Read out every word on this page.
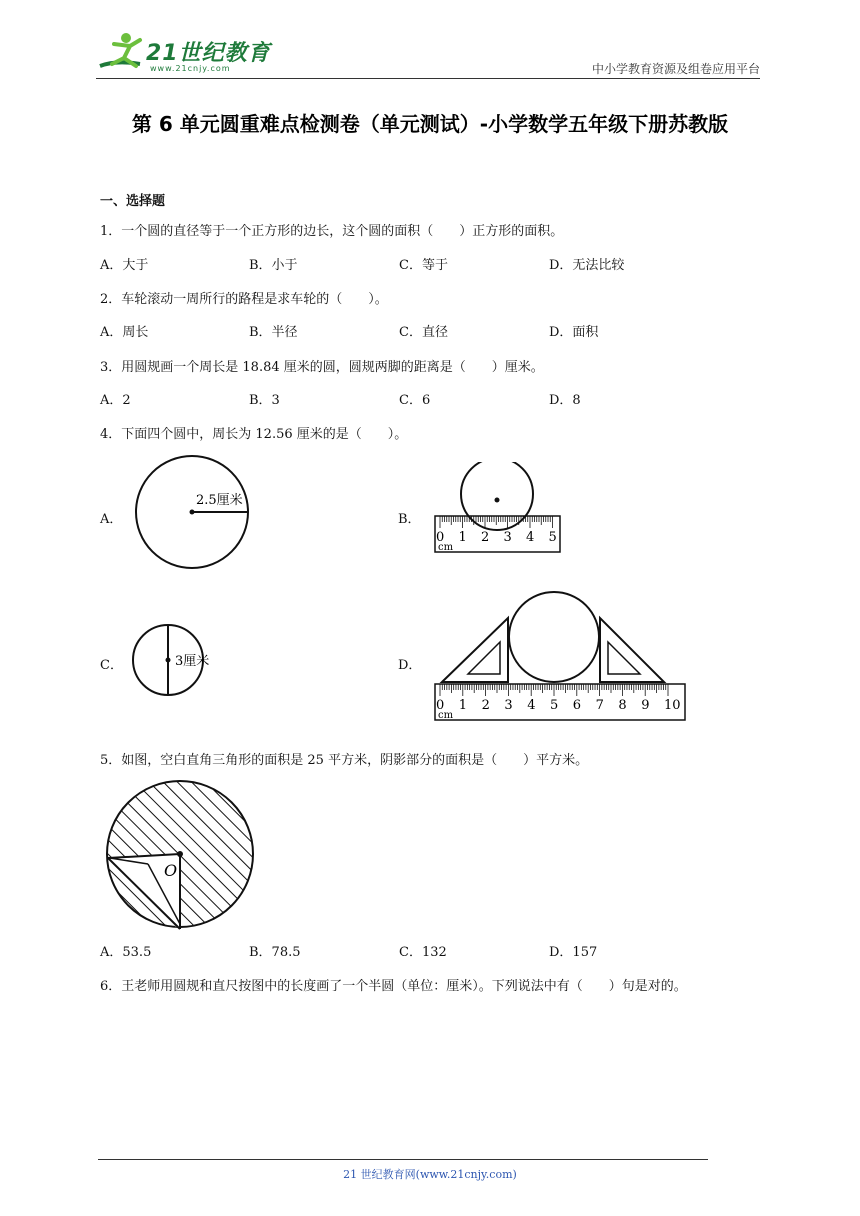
21世纪教育
www.21cnjy.com	中小学教育资源及组卷应用平台
第 6 单元圆重难点检测卷（单元测试）-小学数学五年级下册苏教版
一、选择题
1．一个圆的直径等于一个正方形的边长，这个圆的面积（　　）正方形的面积。
A．大于	B．小于	C．等于	D．无法比较
2．车轮滚动一周所行的路程是求车轮的（　　）。
A．周长	B．半径	C．直径	D．面积
3．用圆规画一个周长是 18.84 厘米的圆，圆规两脚的距离是（　　）厘米。
A．2	B．3	C．6	D．8
4．下面四个圆中，周长为 12.56 厘米的是（　　）。
A．
2.5厘米
B．
0 1 2 3 4 5
cm
C．	3厘米	D．
0 1 2 3 4 5 6 7 8 9 10
cm
5．如图，空白直角三角形的面积是 25 平方米，阴影部分的面积是（　　）平方米。
O
A．53.5	B．78.5	C．132	D．157
6．王老师用圆规和直尺按图中的长度画了一个半圆（单位：厘米）。下列说法中有（　　）句是对的。
21 世纪教育网(www.21cnjy.com)
